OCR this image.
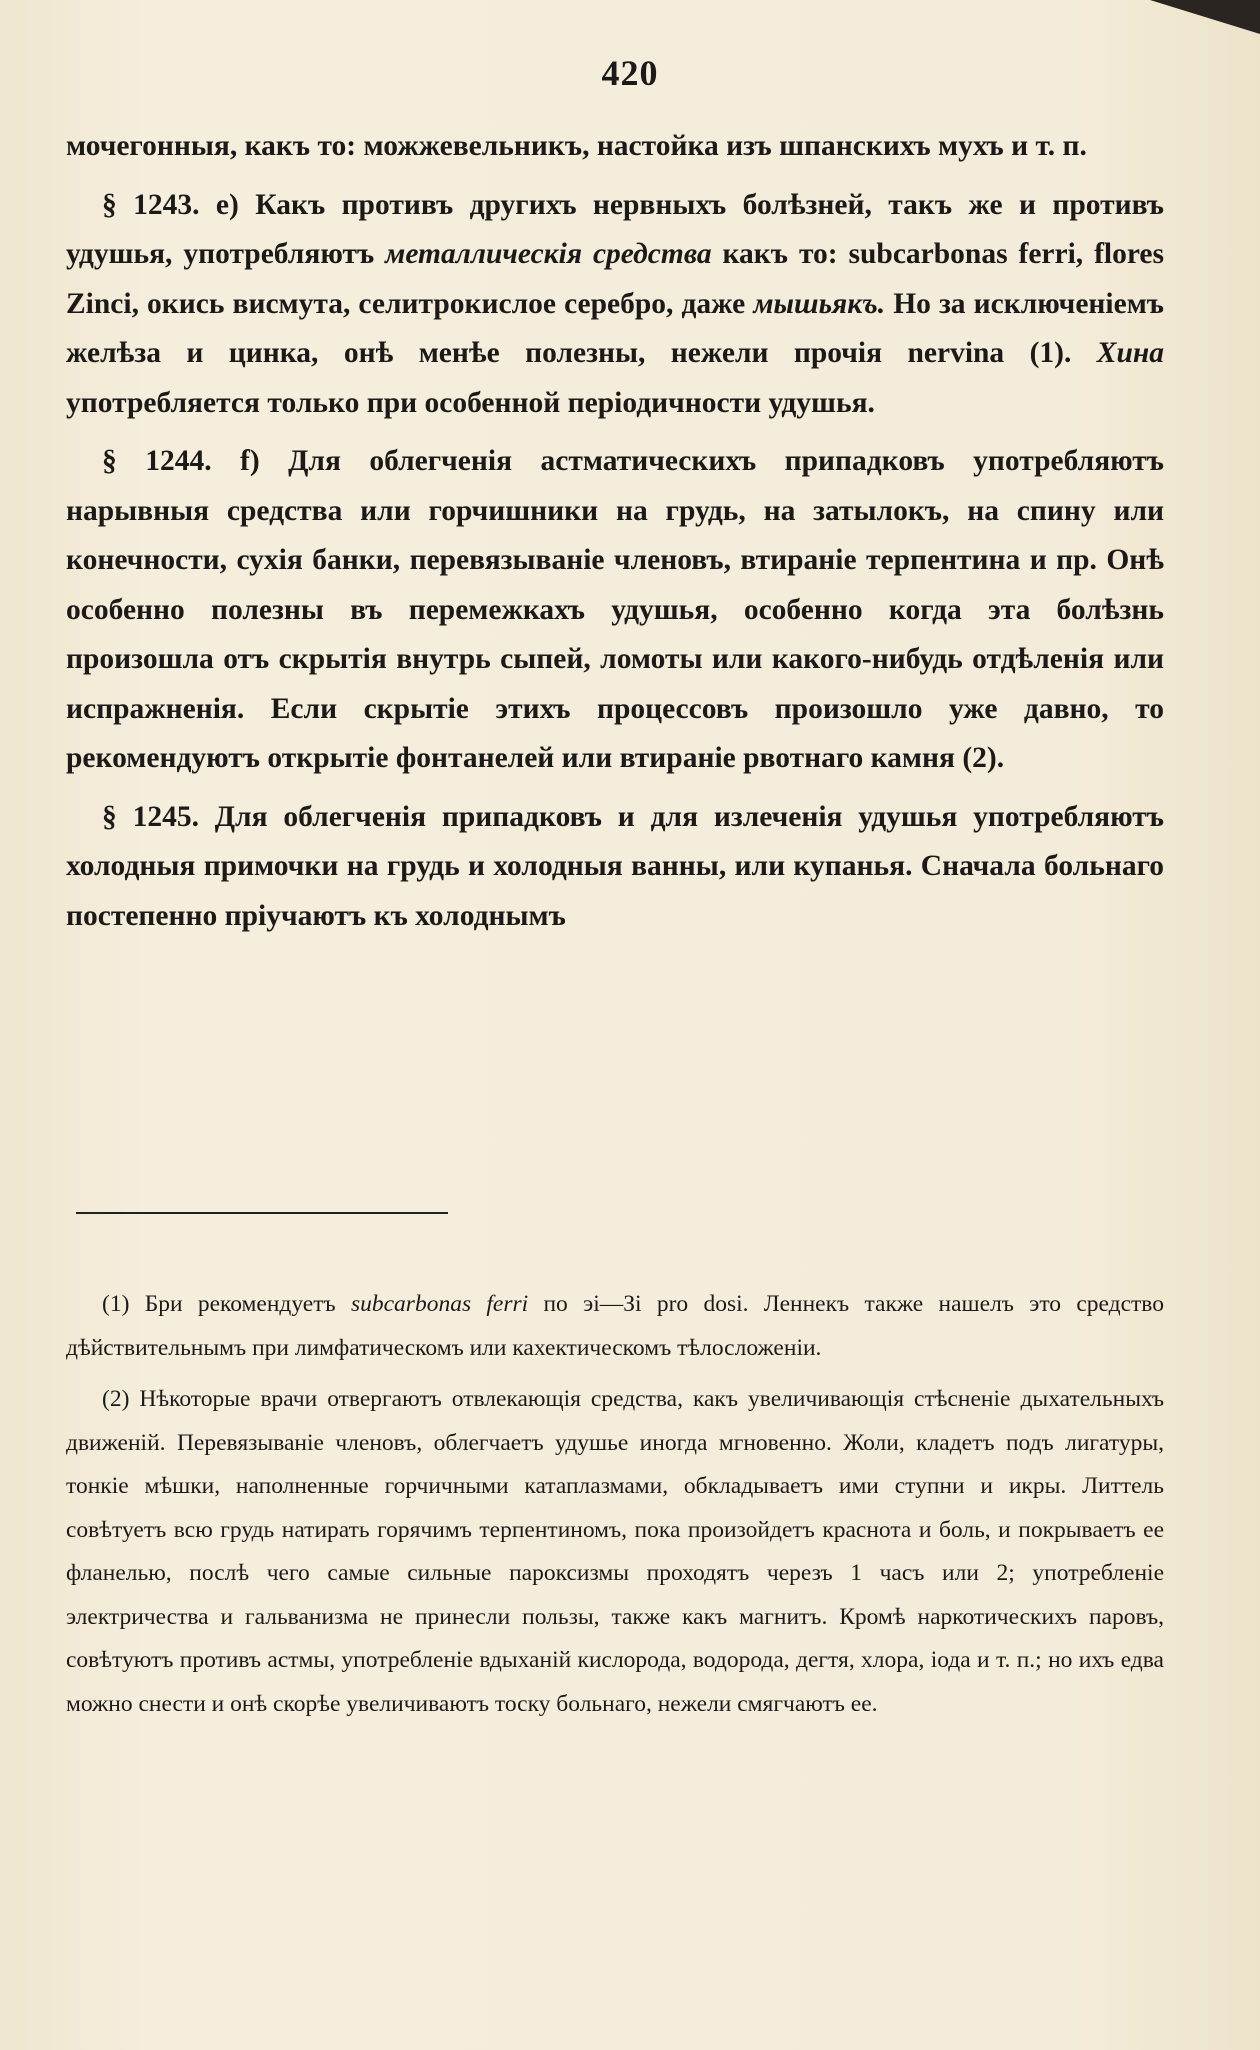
420

мочегонныя, какъ то: можжевельникъ, настойка изъ шпанскихъ мухъ и т. п.

§ 1243. е) Какъ противъ другихъ нервныхъ болѣзней, такъ же и противъ удушья, употребляютъ металлическія средства какъ то: subcarbonas ferri, flores Zinci, окись висмута, селитрокислое серебро, даже мышьякъ. Но за исключеніемъ желѣза и цинка, онѣ менѣе полезны, нежели прочія nervina (1). Хина употребляется только при особенной періодичности удушья.

§ 1244. f) Для облегченія астматическихъ припадковъ употребляютъ нарывныя средства или горчишники на грудь, на затылокъ, на спину или конечности, сухія банки, перевязываніе членовъ, втираніе терпентина и пр. Онѣ особенно полезны въ перемежкахъ удушья, особенно когда эта болѣзнь произошла отъ скрытія внутрь сыпей, ломоты или какого-нибудь отдѣленія или испражненія. Если скрытіе этихъ процессовъ произошло уже давно, то рекомендуютъ открытіе фонтанелей или втираніе рвотнаго камня (2).

§ 1245. Для облегченія припадковъ и для излеченія удушья употребляютъ холодныя примочки на грудь и холодныя ванны, или купанья. Сначала больнаго постепенно пріучаютъ къ холоднымъ

(1) Бри рекомендуетъ subcarbonas ferri по эі—Зі pro dosi. Леннекъ также нашелъ это средство дѣйствительнымъ при лимфатическомъ или кахектическомъ тѣлосложеніи.

(2) Нѣкоторые врачи отвергаютъ отвлекающія средства, какъ увеличивающія стѣсненіе дыхательныхъ движеній. Перевязываніе членовъ, облегчаетъ удушье иногда мгновенно. Жоли, кладетъ подъ лигатуры, тонкіе мѣшки, наполненные горчичными катаплазмами, обкладываетъ ими ступни и икры. Литтель совѣтуетъ всю грудь натирать горячимъ терпентиномъ, пока произойдетъ краснота и боль, и покрываетъ ее фланелью, послѣ чего самые сильные пароксизмы проходятъ черезъ 1 часъ или 2; употребленіе электричества и гальванизма не принесли пользы, также какъ магнитъ. Кромѣ наркотическихъ паровъ, совѣтуютъ противъ астмы, употребленіе вдыханій кислорода, водорода, дегтя, хлора, іода и т. п.; но ихъ едва можно снести и онѣ скорѣе увеличиваютъ тоску больнаго, нежели смягчаютъ ее.
